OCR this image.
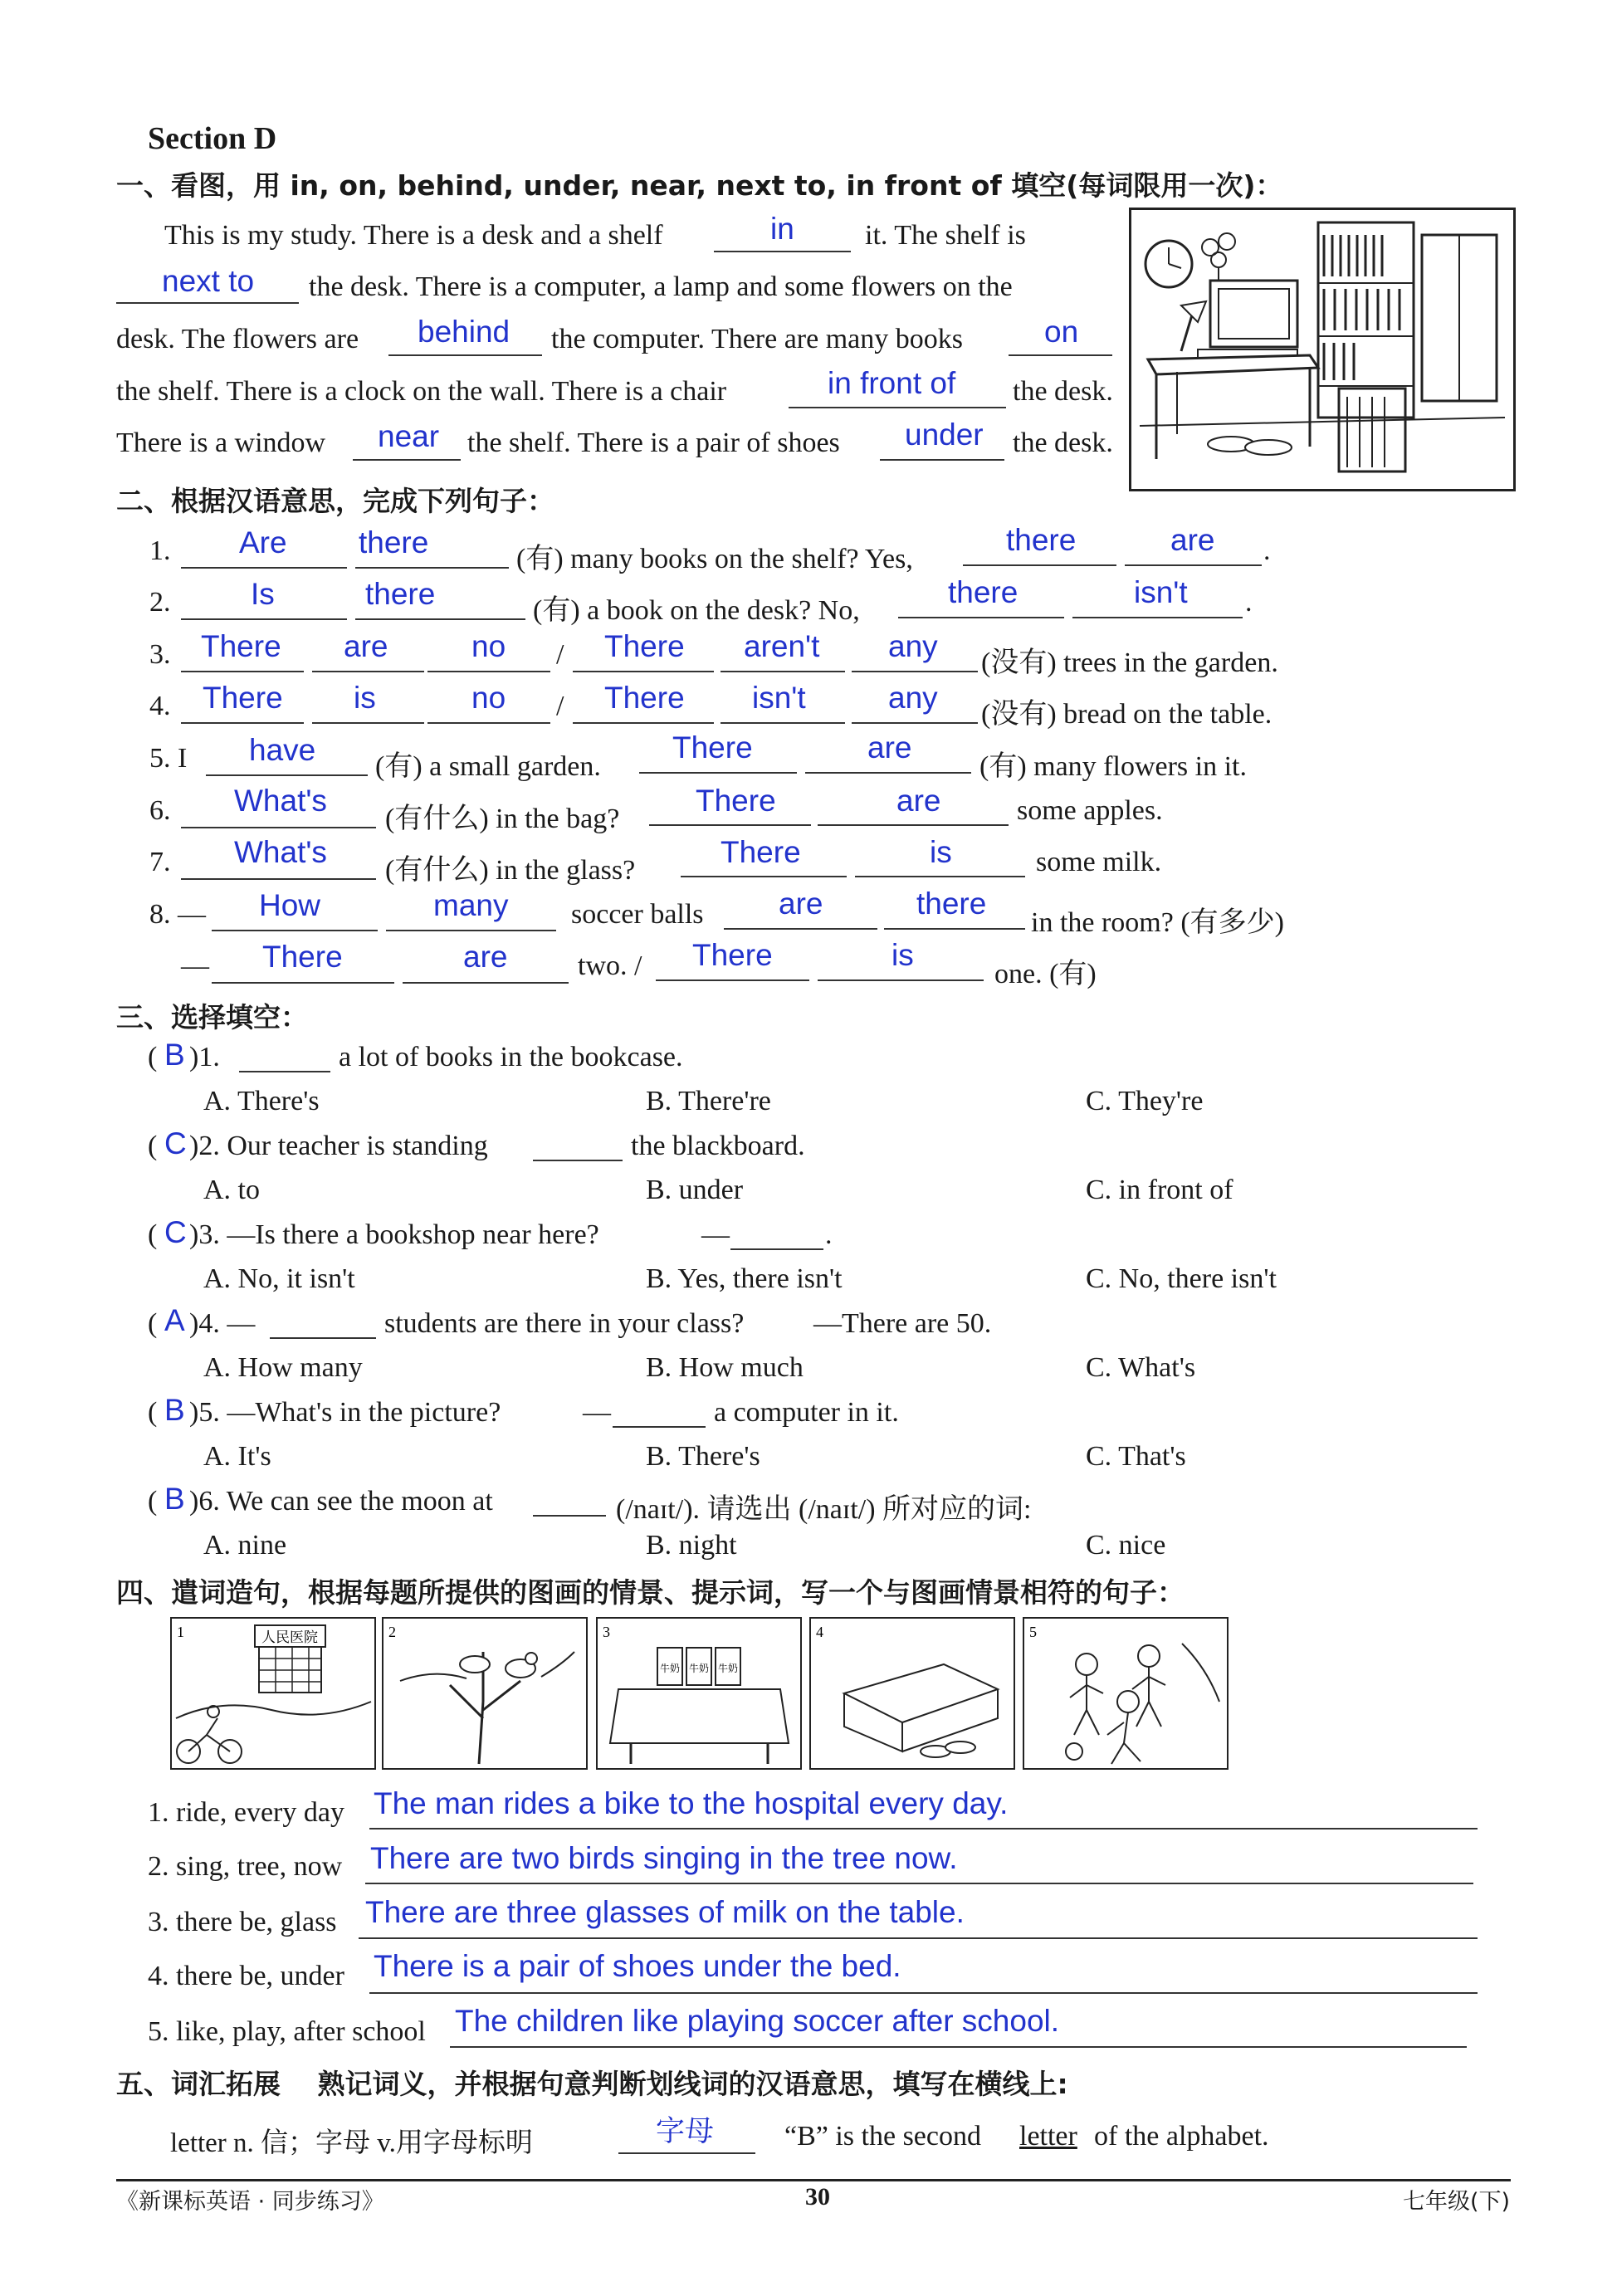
Section D
一、看图，用 in, on, behind, under, near, next to, in front of 填空(每词限用一次)：
This is my study. There is a desk and a shelf	in	it. The shelf is
next to the desk. There is a computer, a lamp and some flowers on the
desk. The flowers are behind the computer. There are many books	on
the shelf. There is a clock on the wall. There is a chair	in front of the desk.
There is a window near the shelf. There is a pair of shoes under the desk.
二、根据汉语意思，完成下列句子：
1. Are there	(有) many books on the shelf? Yes,
there	are .
2.	Is	there	(有) a book on the desk? No,
there	isn't .
3. There are	no / There aren't any (没有) trees in the garden.
4. There is	no / There isn't	any (没有) bread on the table.
5. I have (有) a small garden.
There	are
(有) many flowers in it.
6. What's
(有什么) in the bag?
There	are	some apples.
7. What's
(有什么) in the glass?
There	is	some milk.
8. — How	many soccer balls are	there
in the room? (有多少)
— There	are two. / There	is
one. (有)
三、选择填空：
( B )1.	a lot of books in the bookcase.
A. There's	B. There're	C. They're
( C )2. Our teacher is standing	the blackboard.
A. to	B. under	C. in front of
( C )3. —Is there a bookshop near here?	—	.
A. No, it isn't	B. Yes, there isn't	C. No, there isn't
( A )4. —	students are there in your class? —There are 50.
A. How many	B. How much	C. What's
( B )5. —What's in the picture?	—	a computer in it.
A. It's	B. There's	C. That's
( B )6. We can see the moon at	(/naɪt/). 请选出 (/naɪt/) 所对应的词:
A. nine	B. night	C. nice
四、遣词造句，根据每题所提供的图画的情景、提示词，写一个与图画情景相符的句子：
1	人民医院	2	3
牛奶 牛奶 牛奶
4	5
1. ride, every day The man rides a bike to the hospital every day.
2. sing, tree, now There are two birds singing in the tree now.
3. there be, glass There are three glasses of milk on the table.
4. there be, under There is a pair of shoes under the bed.
5. like, play, after school The children like playing soccer after school.
五、词汇拓展　 熟记词义，并根据句意判断划线词的汉语意思，填写在横线上:
letter n. 信；字母 v.用字母标明	字母 “B” is the second letter of the alphabet.
《新课标英语 · 同步练习》	30	七年级(下)
